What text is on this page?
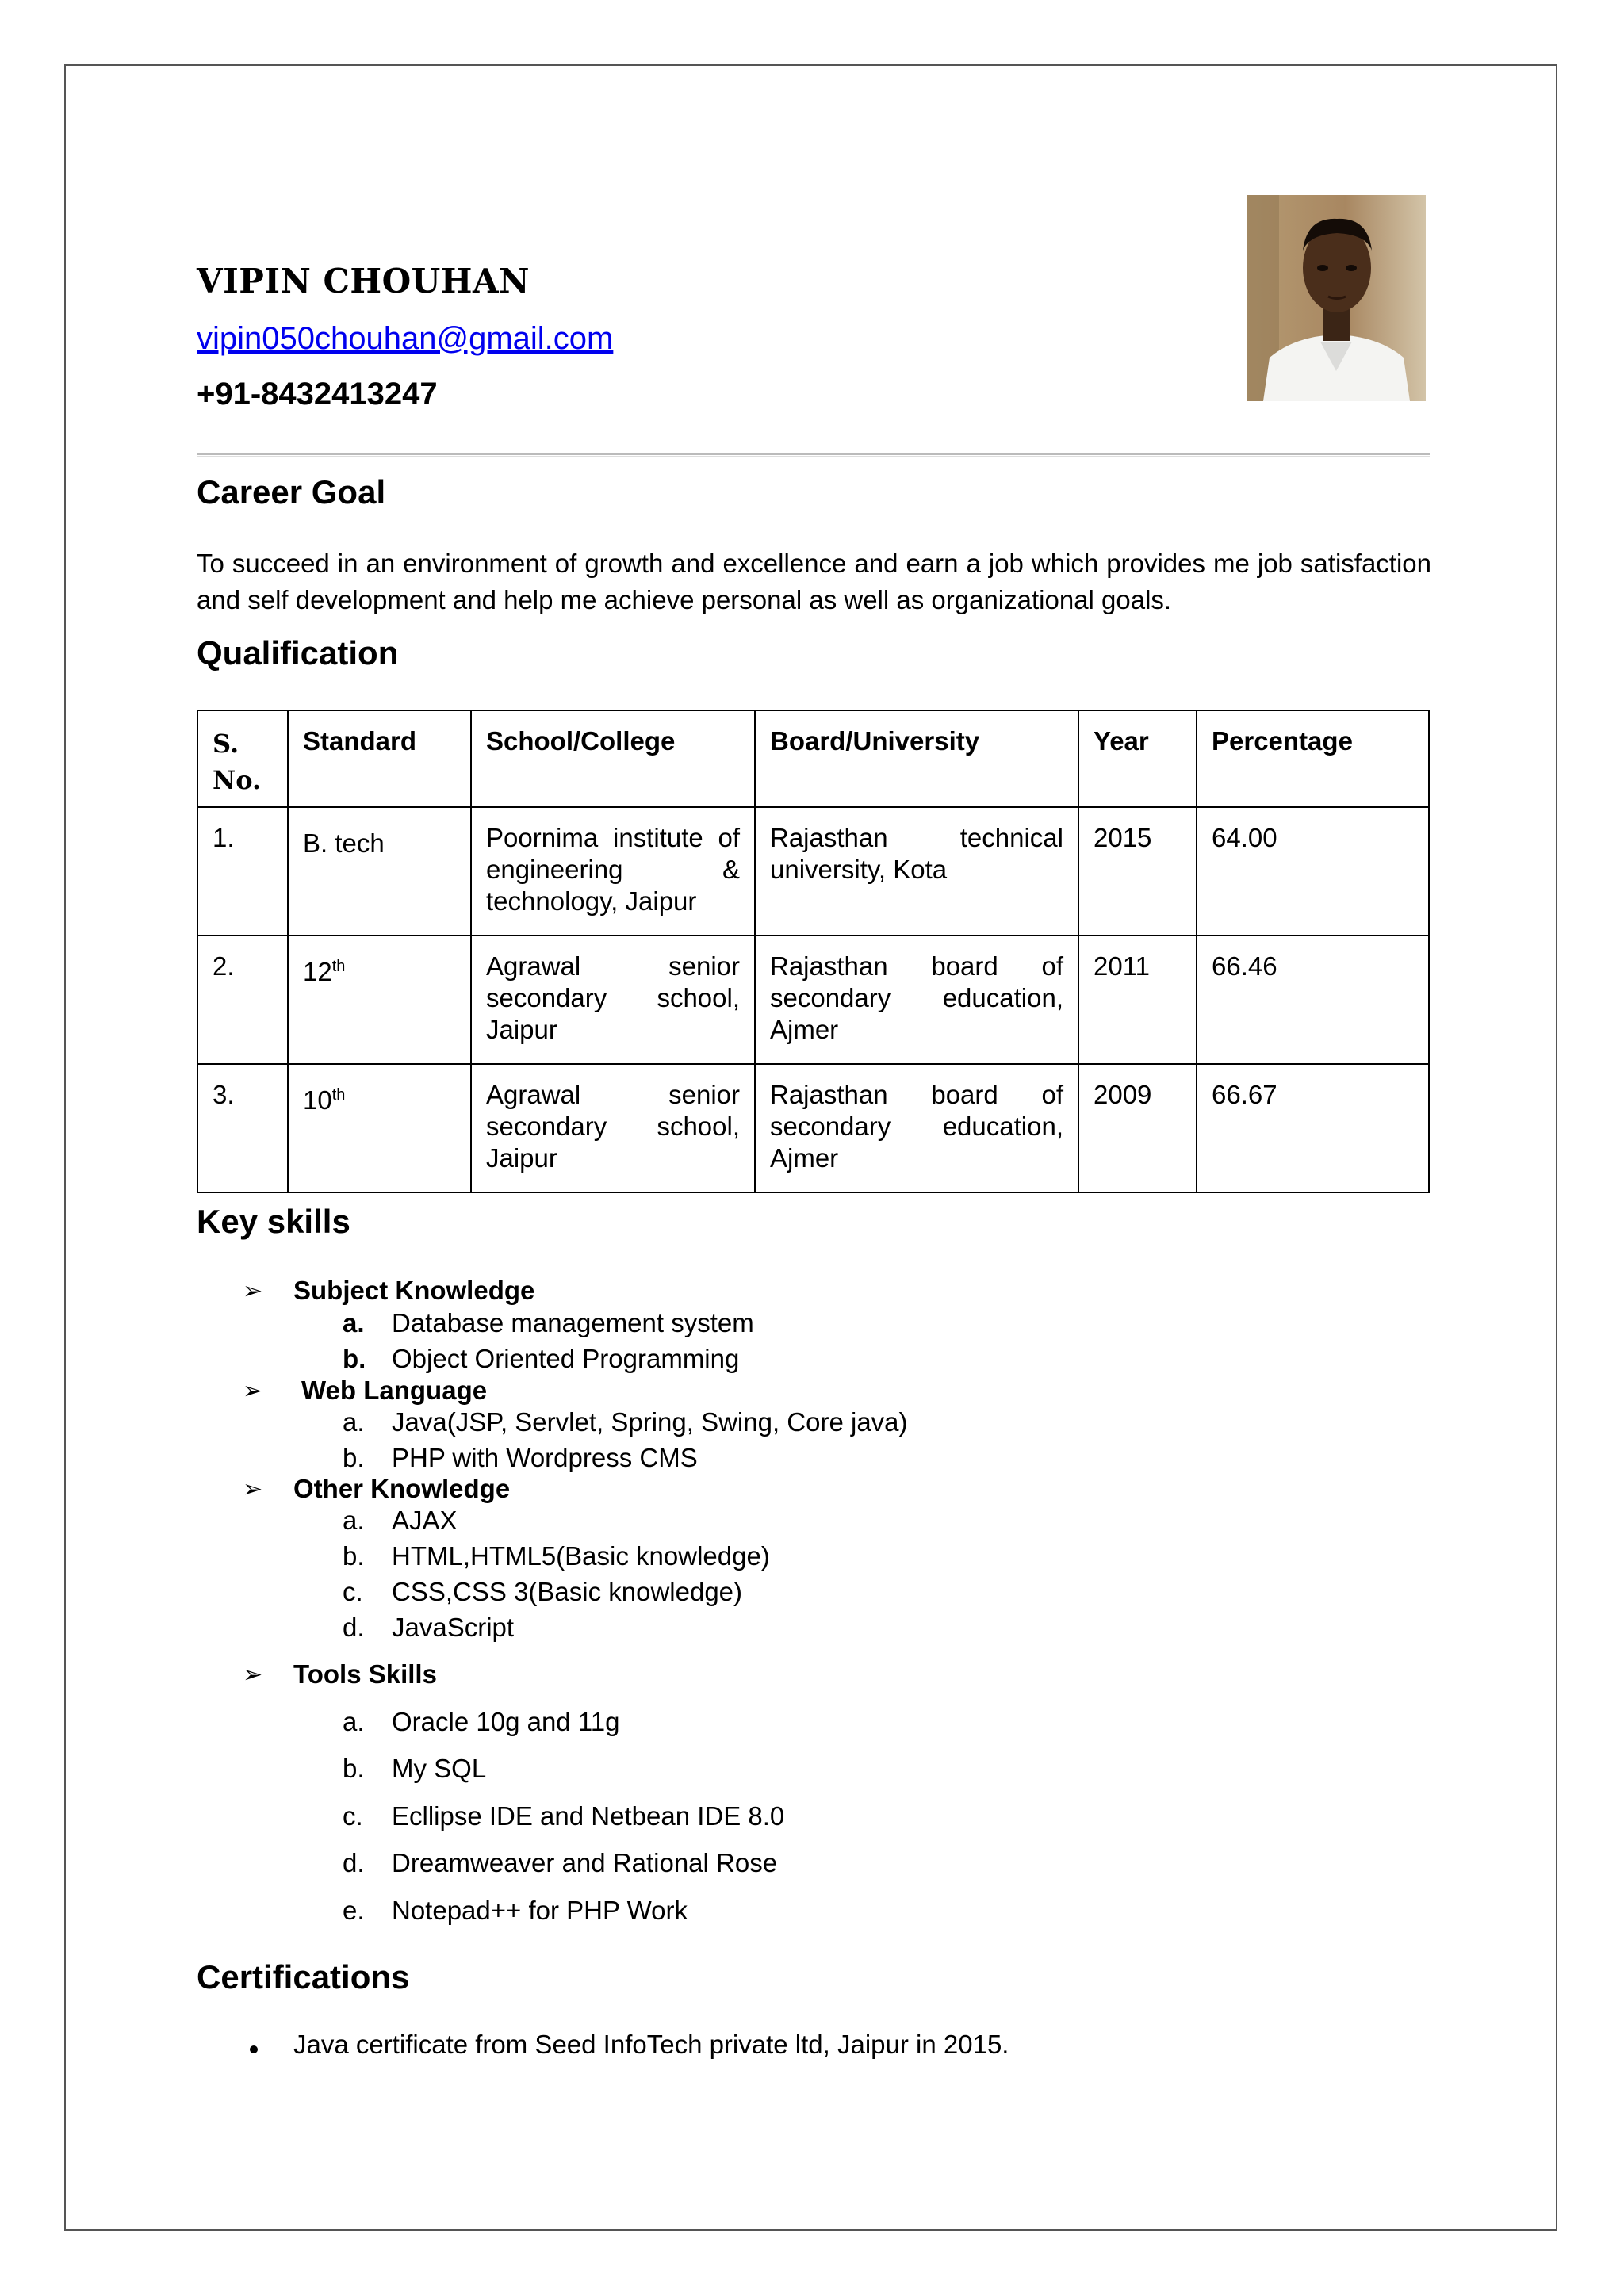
VIPIN CHOUHAN
vipin050chouhan@gmail.com
+91-8432413247
Career Goal

To succeed in an environment of growth and excellence and earn a job which provides me job satisfaction and self development and help me achieve personal as well as organizational goals.

Qualification
S.
No.	Standard	School/College	Board/University	Year	Percentage
1.	B. tech	Poornima institute of engineering & technology, Jaipur	Rajasthan technical university, Kota	2015	64.00
2.	12th	Agrawal senior secondary school, Jaipur	Rajasthan board of secondary education, Ajmer	2011	66.46
3.	10th	Agrawal senior secondary school, Jaipur	Rajasthan board of secondary education, Ajmer	2009	66.67
Key skills
➢ Subject Knowledge
a. Database management system
b. Object Oriented Programming
➢ Web Language
a. Java(JSP, Servlet, Spring, Swing, Core java)
b. PHP with Wordpress CMS
➢ Other Knowledge
a. AJAX
b. HTML,HTML5(Basic knowledge)
c. CSS,CSS 3(Basic knowledge)
d. JavaScript
➢ Tools Skills
a. Oracle 10g and 11g
b. My SQL
c. Ecllipse IDE and Netbean IDE 8.0
d. Dreamweaver and Rational Rose
e. Notepad++ for PHP Work
Certifications
Java certificate from Seed InfoTech private ltd, Jaipur in 2015.
